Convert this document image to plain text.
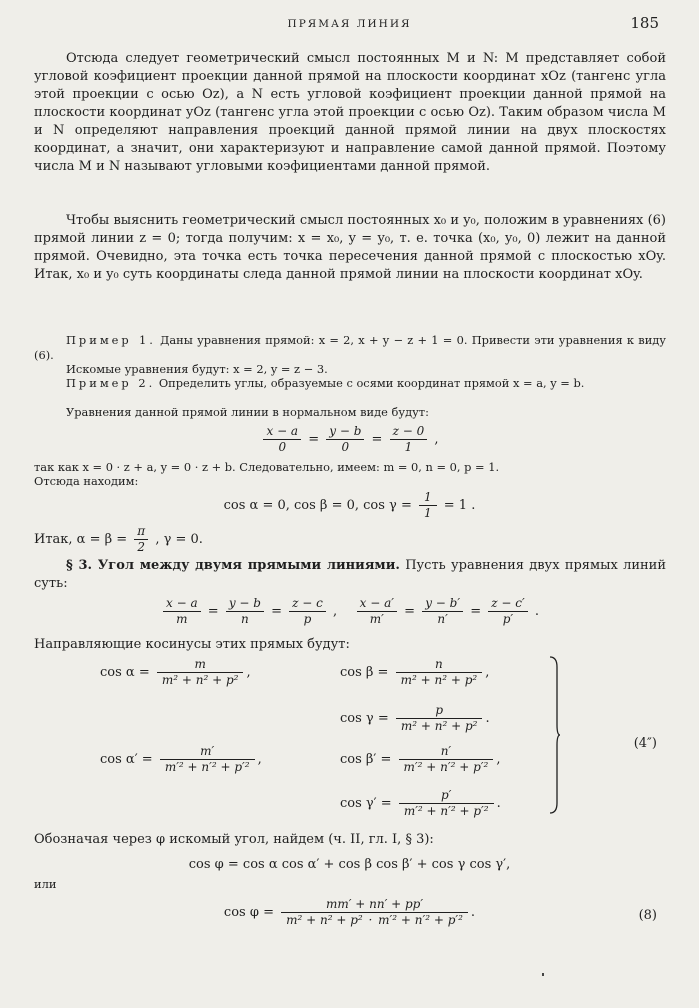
ПРЯМАЯ ЛИНИЯ	185

Отсюда следует геометрический смысл постоянных M и N: M представляет собой угловой коэфициент проекции данной прямой на плоскости координат xOz (тангенс угла этой проекции с осью Oz), а N есть угловой коэфициент проекции данной прямой на плоскости координат yOz (тангенс угла этой проекции с осью Oz). Таким образом числа M и N определяют направления проекций данной прямой линии на двух плоскостях координат, а значит, они характеризуют и направление самой данной прямой. Поэтому числа M и N называют угловыми коэфициентами данной прямой.

Чтобы выяснить геометрический смысл постоянных x₀ и y₀, положим в уравнениях (6) прямой линии z = 0; тогда получим: x = x₀, y = y₀, т. е. точка (x₀, y₀, 0) лежит на данной прямой. Очевидно, эта точка есть точка пересечения данной прямой с плоскостью xOy. Итак, x₀ и y₀ суть координаты следа данной прямой линии на плоскости координат xOy.

Пример 1. Даны уравнения прямой: x = 2, x + y − z + 1 = 0. Привести эти уравнения к виду (6).

Искомые уравнения будут: x = 2, y = z − 3.

Пример 2. Определить углы, образуемые с осями координат прямой x = a, y = b.

Уравнения данной прямой линии в нормальном виде будут:

$\frac{x - a}{0} = \frac{y - b}{0} = \frac{z - 0}{1}$ ,

так как x = 0 · z + a, y = 0 · z + b. Следовательно, имеем: m = 0, n = 0, p = 1.

Отсюда находим:

cos α = 0, cos β = 0, $\cos \gamma = \frac{1}{1} = 1$ .

Итак, $\alpha = \beta = \frac{\pi}{2}$ , γ = 0.

§ 3. Угол между двумя прямыми линиями. Пусть уравнения двух прямых линий суть:

$\frac{x - a}{m} = \frac{y - b}{n} = \frac{z - c}{p}$ , $\frac{x - a'}{m'} = \frac{y - b'}{n'} = \frac{z - c'}{p'}$ .

Направляющие косинусы этих прямых будут:

$\cos \alpha = \frac{m}{\text{m² + n² + p²}}$ ,	$\cos \beta = \frac{n}{\text{m² + n² + p²}}$ ,
$\cos \gamma = \frac{p}{\text{m² + n² + p²}}$ .
$\cos \alpha' = \frac{m'}{\text{m′² + n′² + p′²}}$ ,	$\cos \beta' = \frac{n'}{\text{m′² + n′² + p′²}}$ ,
$\cos \gamma' = \frac{p'}{\text{m′² + n′² + p′²}}$ .
(4″)

Обозначая через φ искомый угол, найдем (ч. II, гл. I, § 3):

cos φ = cos α cos α′ + cos β cos β′ + cos γ cos γ′,

или

$\cos \varphi = \frac{mm' + nn' + pp'}{\text{m² + n² + p² · m′² + n′² + p′²}}$ .	(8)
